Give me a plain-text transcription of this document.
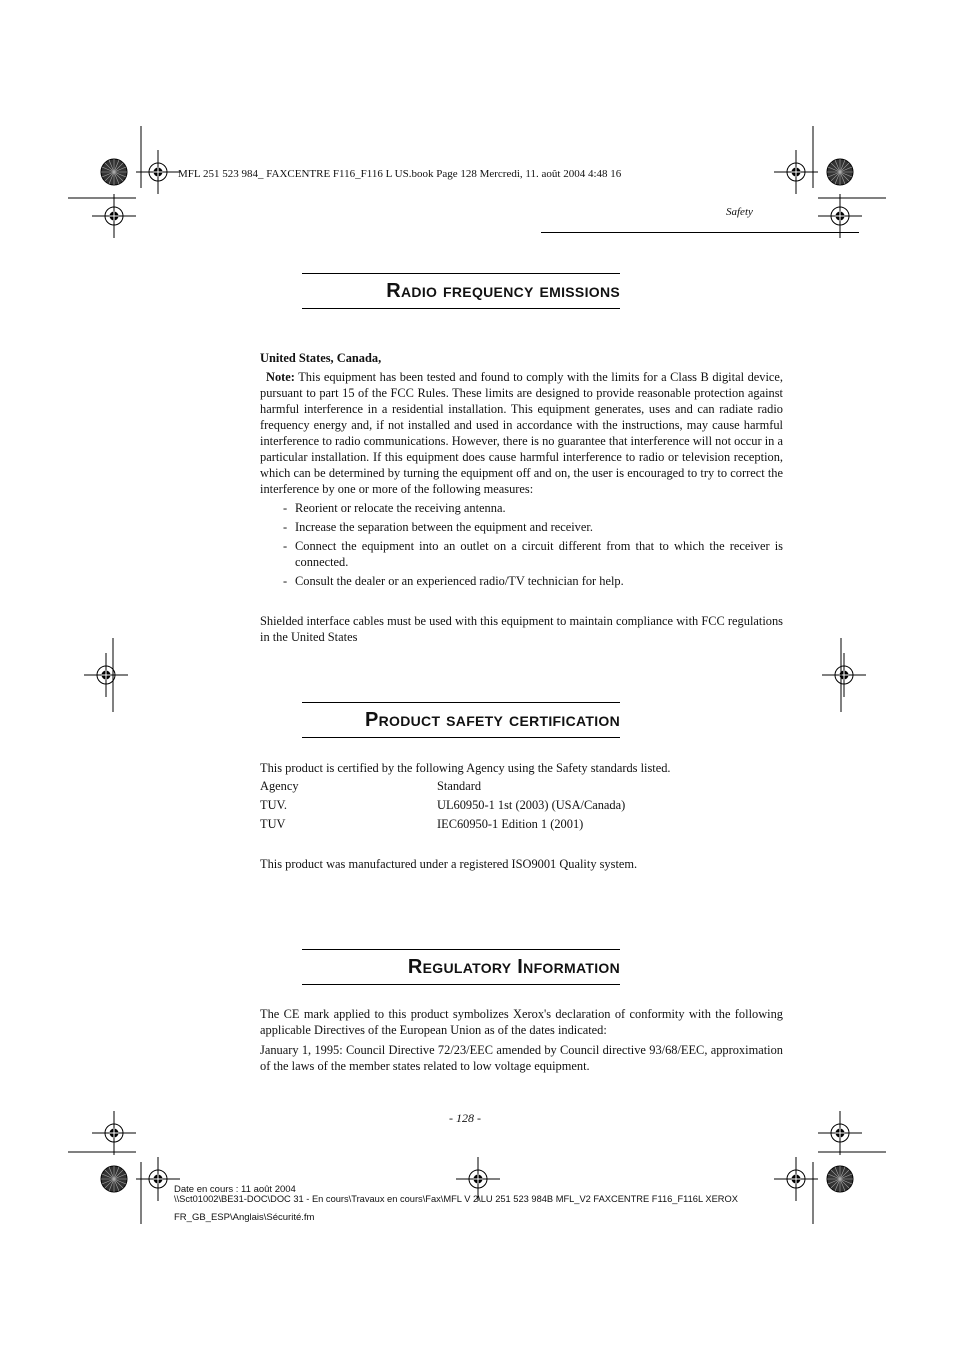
MFL 251 523 984_ FAXCENTRE F116_F116 L US.book Page 128 Mercredi, 11. août 2004 4:48 16
Safety
Radio frequency emissions
United States, Canada,
Note: This equipment has been tested and found to comply with the limits for a Class B digital device, pursuant to part 15 of the FCC Rules. These limits are designed to provide reasonable protection against harmful interference in a residential installation. This equipment generates, uses and can radiate radio frequency energy and, if not installed and used in accordance with the instructions, may cause harmful interference to radio communications. However, there is no guarantee that interference will not occur in a particular installation. If this equipment does cause harmful interference to radio or television reception, which can be determined by turning the equipment off and on, the user is encouraged to try to correct the interference by one or more of the following measures:
- Reorient or relocate the receiving antenna.
- Increase the separation between the equipment and receiver.
- Connect the equipment into an outlet on a circuit different from that to which the receiver is connected.
- Consult the dealer or an experienced radio/TV technician for help.
Shielded interface cables must be used with this equipment to maintain compliance with FCC regulations in the United States
Product safety certification
This product is certified by the following Agency using the Safety standards listed.
Agency	Standard
TUV.	UL60950-1 1st (2003) (USA/Canada)
TUV	IEC60950-1 Edition 1 (2001)
This product was manufactured under a registered ISO9001 Quality system.
Regulatory Information
The CE mark applied to this product symbolizes Xerox's declaration of conformity with the following applicable Directives of the European Union as of the dates indicated:
January 1, 1995: Council Directive 72/23/EEC amended by Council directive 93/68/EEC, approximation of the laws of the member states related to low voltage equipment.
- 128 -
Date en cours : 11 août 2004
\\Sct01002\BE31-DOC\DOC 31 - En cours\Travaux en cours\Fax\MFL V 2\LU 251 523 984B MFL_V2 FAXCENTRE F116_F116L XEROX
FR_GB_ESP\Anglais\Sécurité.fm
